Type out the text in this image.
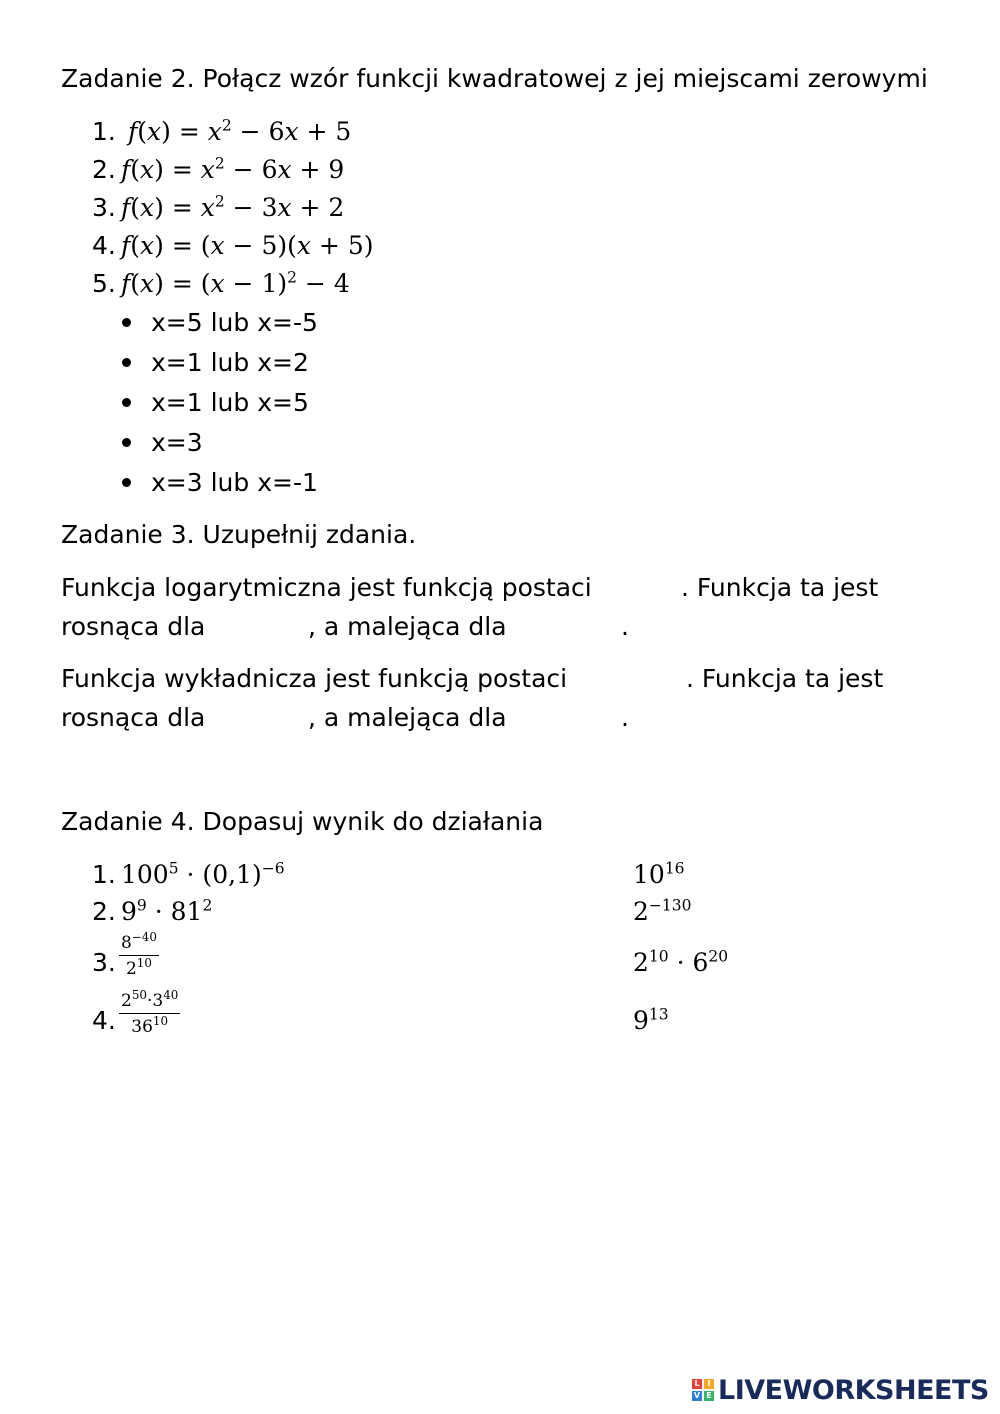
Zadanie 2. Połącz wzór funkcji kwadratowej z jej miejscami zerowymi
1. $f(x) = x^2 - 6x + 5$
2. $f(x) = x^2 - 6x + 9$
3. $f(x) = x^2 - 3x + 2$
4. f(x) = (x − 5)(x + 5)
5. $f(x) = (x - 1)^2 - 4$
x=5 lub x=-5
x=1 lub x=2
x=1 lub x=5
x=3
x=3 lub x=-1
Zadanie 3. Uzupełnij zdania.
Funkcja logarytmiczna jest funkcją postaci	. Funkcja ta jest
rosnąca dla	, a malejąca dla	.
Funkcja wykładnicza jest funkcją postaci	. Funkcja ta jest
rosnąca dla	, a malejąca dla	.
Zadanie 4. Dopasuj wynik do działania
1. $100^5 \cdot (0,1)^{-6}$
2. $9^9 \cdot 81^2$
3. $\frac{8^{-40}}{2^{10}}$
4. $\frac{2^{50}\cdot 3^{40}}{36^{10}}$
$10^{16}$
$2^{-130}$
$2^{10} \cdot 6^{20}$
$9^{13}$
L I
V E LIVEWORKSHEETS
